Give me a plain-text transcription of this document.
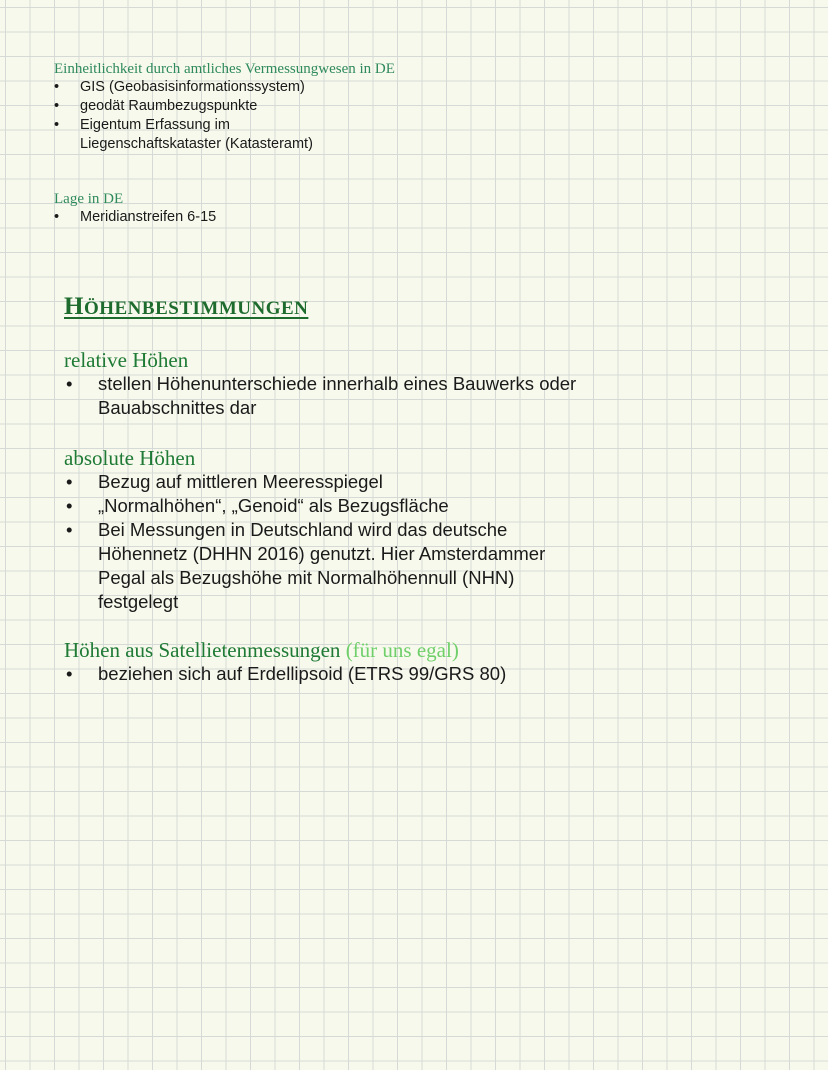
Einheitlichkeit durch amtliches Vermessungwesen in DE
• GIS (Geobasisinformationssystem)
• geodät Raumbezugspunkte
• Eigentum Erfassung im Liegenschaftskataster (Katasteramt)
Lage in DE
• Meridianstreifen 6-15
HÖHENBESTIMMUNGEN
relative Höhen
• stellen Höhenunterschiede innerhalb eines Bauwerks oder Bauabschnittes dar
absolute Höhen
• Bezug auf mittleren Meeresspiegel
• „Normalhöhen“, „Genoid“ als Bezugsfläche
• Bei Messungen in Deutschland wird das deutsche Höhennetz (DHHN 2016) genutzt. Hier Amsterdammer Pegal als Bezugshöhe mit Normalhöhennull (NHN) festgelegt
Höhen aus Satellietenmessungen (für uns egal)
• beziehen sich auf Erdellipsoid (ETRS 99/GRS 80)
